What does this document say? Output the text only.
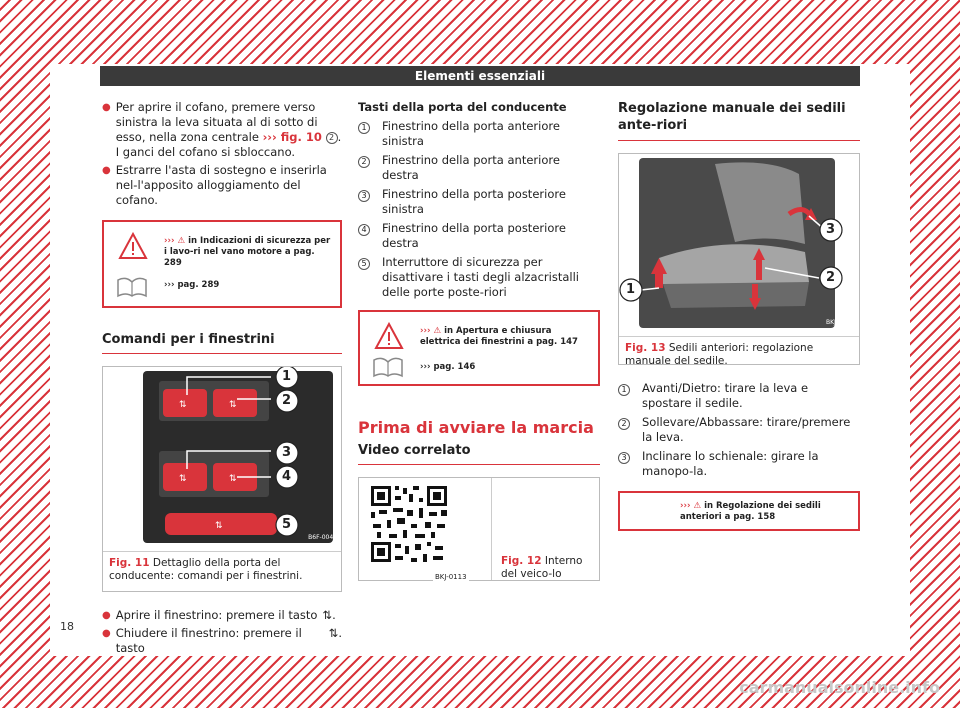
Elementi essenziali
● Per aprire il cofano, premere verso sinistra la leva situata al di sotto di esso, nella zona centrale ››› fig. 10 2 . I ganci del cofano si sbloccano.
● Estrarre l'asta di sostegno e inserirla nel-l'apposito alloggiamento del cofano.
››› ⚠ in Indicazioni di sicurezza per i lavo-ri nel vano motore a pag. 289
››› pag. 289
Comandi per i finestrini
⇅	⇅
⇅	⇅
⇅
1
2
3
4
5
B6F-0044
Fig. 11 Dettaglio della porta del conducente: comandi per i finestrini.
● Aprire il finestrino: premere il tasto ⇅.
● Chiudere il finestrino: premere il tasto
⇅.
Tasti della porta del conducente
1	Finestrino della porta anteriore sinistra
2	Finestrino della porta anteriore destra
3	Finestrino della porta posteriore sinistra
4	Finestrino della porta posteriore destra
5	Interruttore di sicurezza per disattivare i tasti degli alzacristalli delle porte poste-riori
››› ⚠ in Apertura e chiusura elettrica dei finestrini a pag. 147
››› pag. 146
Prima di avviare la marcia
Video correlato
BKJ-0113
Fig. 12 Interno del veico-lo
Regolazione manuale dei sedili ante-riori
1
2
3
BKJ-0056
Fig. 13 Sedili anteriori: regolazione manuale del sedile.
1	Avanti/Dietro: tirare la leva e spostare il sedile.
2	Sollevare/Abbassare: tirare/premere la leva.
3	Inclinare lo schienale: girare la manopo-la.
››› ⚠ in Regolazione dei sedili anteriori a pag. 158
18
carmanualsonline.info
